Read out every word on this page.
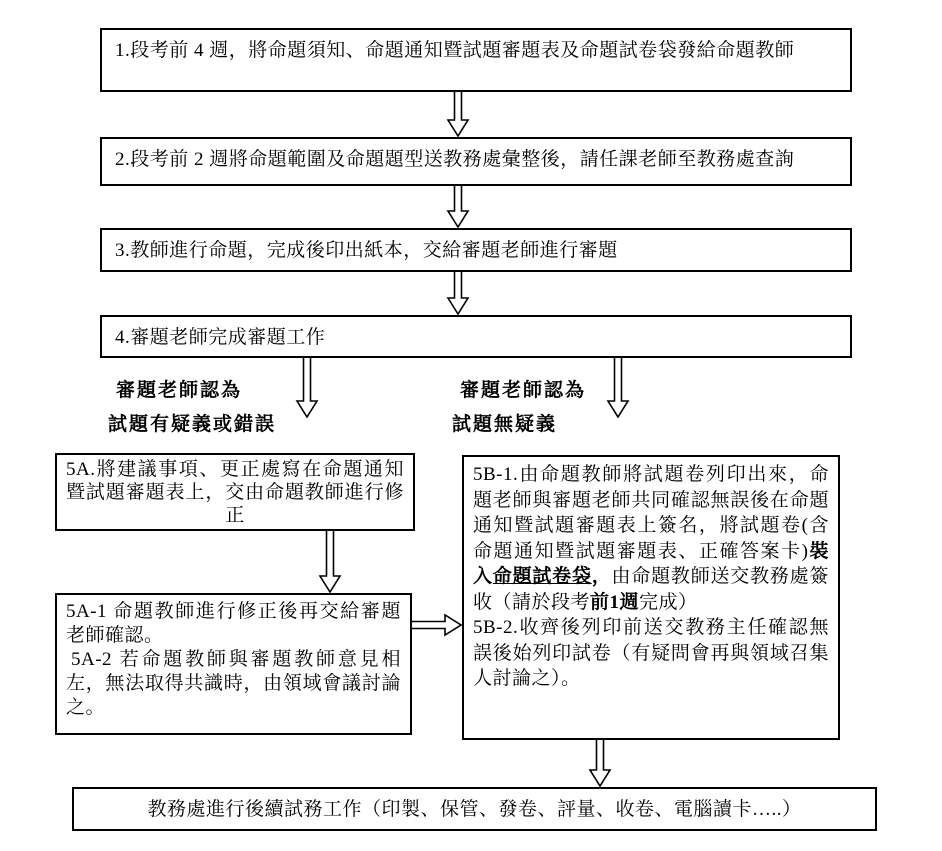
1.段考前 4 週，將命題須知、命題通知暨試題審題表及命題試卷袋發給命題教師
2.段考前 2 週將命題範圍及命題題型送教務處彙整後，請任課老師至教務處查詢
3.教師進行命題，完成後印出紙本，交給審題老師進行審題
4.審題老師完成審題工作
審題老師認為
試題有疑義或錯誤
審題老師認為
試題無疑義
5A.將建議事項、更正處寫在命題通知暨試題審題表上，交由命題教師進行修正
5A-1 命題教師進行修正後再交給審題老師確認。
5A-2 若命題教師與審題教師意見相左，無法取得共識時，由領域會議討論之。
5B-1.由命題教師將試題卷列印出來，命題老師與審題老師共同確認無誤後在命題通知暨試題審題表上簽名，將試題卷(含命題通知暨試題審題表、正確答案卡)裝入命題試卷袋，由命題教師送交教務處簽收（請於段考前1週完成）
5B-2.收齊後列印前送交教務主任確認無誤後始列印試卷（有疑問會再與領域召集人討論之）。
教務處進行後續試務工作（印製、保管、發卷、評量、收卷、電腦讀卡…..）
